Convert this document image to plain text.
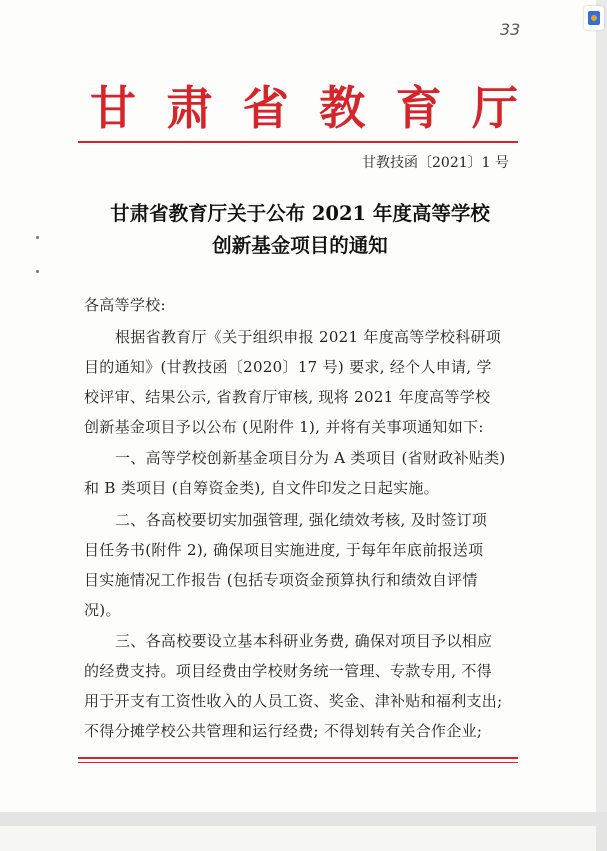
33
甘肃省教育厅
甘教技函〔2021〕1 号
甘肃省教育厅关于公布 2021 年度高等学校
创新基金项目的通知
各高等学校:
根据省教育厅《关于组织申报 2021 年度高等学校科研项
目的通知》(甘教技函〔2020〕17 号) 要求, 经个人申请, 学
校评审、结果公示, 省教育厅审核, 现将 2021 年度高等学校
创新基金项目予以公布 (见附件 1), 并将有关事项通知如下:
一、高等学校创新基金项目分为 A 类项目 (省财政补贴类)
和 B 类项目 (自筹资金类), 自文件印发之日起实施。
二、各高校要切实加强管理, 强化绩效考核, 及时签订项
目任务书(附件 2), 确保项目实施进度, 于每年年底前报送项
目实施情况工作报告 (包括专项资金预算执行和绩效自评情
况)。
三、各高校要设立基本科研业务费, 确保对项目予以相应
的经费支持。项目经费由学校财务统一管理、专款专用, 不得
用于开支有工资性收入的人员工资、奖金、津补贴和福利支出;
不得分摊学校公共管理和运行经费; 不得划转有关合作企业;
